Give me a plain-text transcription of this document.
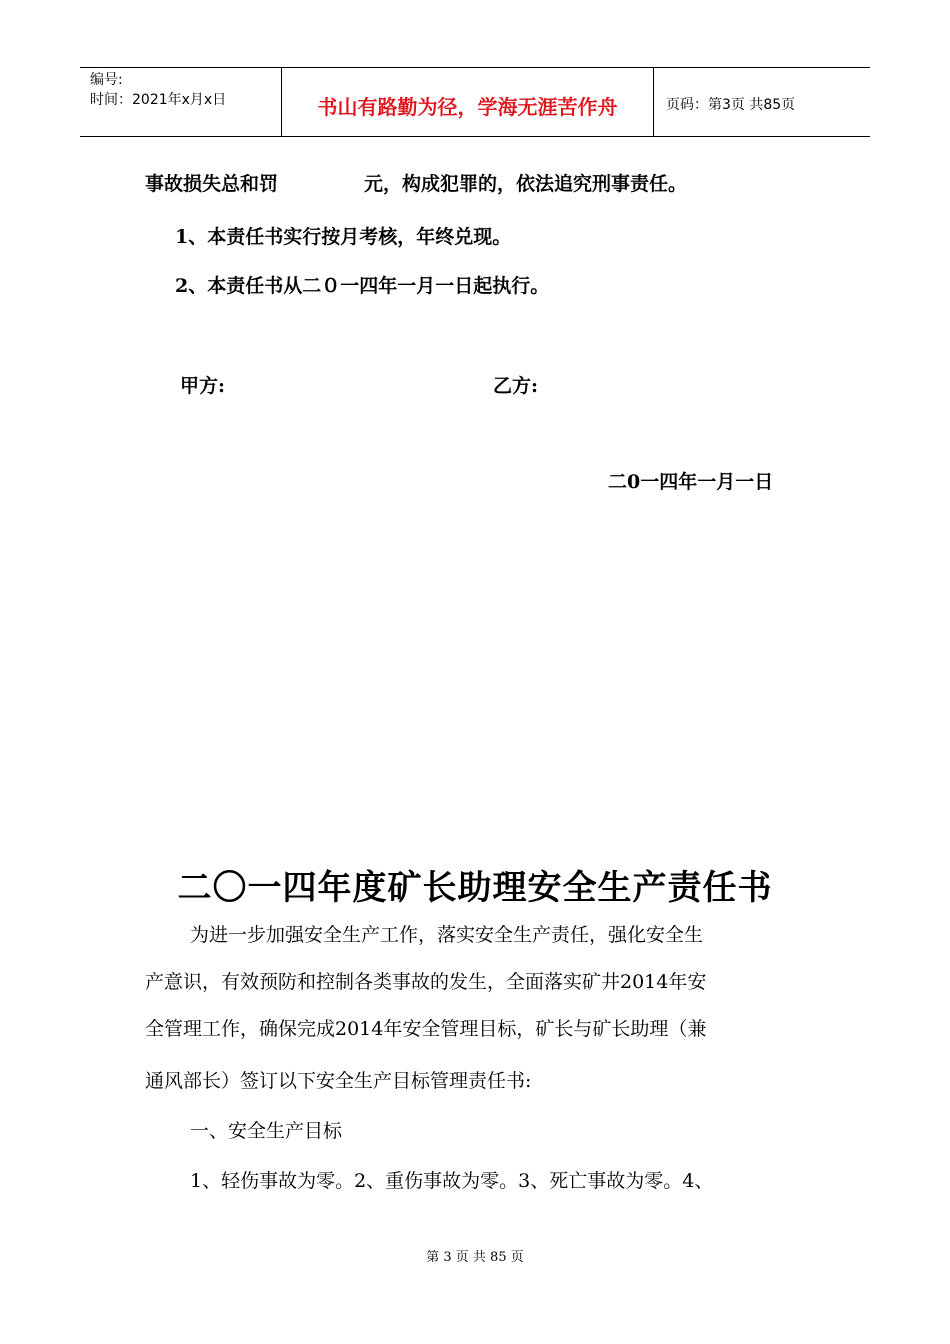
编号:
时间：2021年x月x日	书山有路勤为径，学海无涯苦作舟	页码：第3页 共85页
事故损失总和罚	元，构成犯罪的，依法追究刑事责任。
1、本责任书实行按月考核，年终兑现。
2、本责任书从二０一四年一月一日起执行。
甲方:	乙方:
二0一四年一月一日
二〇一四年度矿长助理安全生产责任书
为进一步加强安全生产工作，落实安全生产责任，强化安全生
产意识，有效预防和控制各类事故的发生，全面落实矿井2014年安
全管理工作，确保完成2014年安全管理目标，矿长与矿长助理（兼
通风部长）签订以下安全生产目标管理责任书:
一、安全生产目标
1、轻伤事故为零。2、重伤事故为零。3、死亡事故为零。4、
第 3 页 共 85 页
